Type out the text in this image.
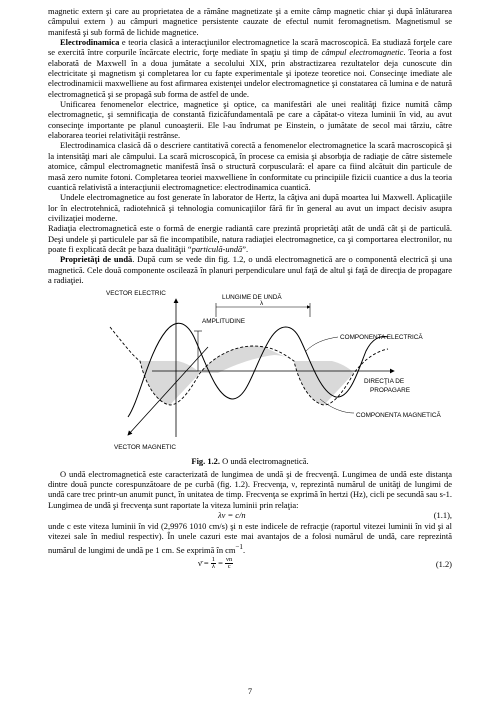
magnetic extern şi care au proprietatea de a rămâne magnetizate şi a emite câmp magnetic chiar şi după înlăturarea câmpului extern ) au câmpuri magnetice persistente cauzate de efectul numit feromagnetism. Magnetismul se manifestă şi sub formă de lichide magnetice.

Electrodinamica e teoria clasică a interacţiunilor electromagnetice la scară macroscopică. Ea studiază forţele care se exercită între corpurile încărcate electric, forţe mediate în spaţiu şi timp de câmpul electromagnetic. Teoria a fost elaborată de Maxwell în a doua jumătate a secolului XIX, prin abstractizarea rezultatelor deja cunoscute din electricitate şi magnetism şi completarea lor cu fapte experimentale şi ipoteze teoretice noi. Consecinţe imediate ale electrodinamicii maxwelliene au fost afirmarea existenţei undelor electromagnetice şi constatarea că lumina e de natură electromagnetică şi se propagă sub forma de astfel de unde.

Unificarea fenomenelor electrice, magnetice şi optice, ca manifestări ale unei realităţi fizice numită câmp electromagnetic, şi semnificaţia de constantă fizicăfundamentală pe care a căpătat-o viteza luminii în vid, au avut consecinţe importante pe planul cunoaşterii. Ele l-au îndrumat pe Einstein, o jumătate de secol mai târziu, către elaborarea teoriei relativităţii restrânse.

Electrodinamica clasică dă o descriere cantitativă corectă a fenomenelor electromagnetice la scară macroscopică şi la intensităţi mari ale câmpului. La scară microscopică, în procese ca emisia şi absorbţia de radiaţie de către sistemele atomice, câmpul electromagnetic manifestă însă o structură corpusculară: el apare ca fiind alcătuit din particule de masă zero numite fotoni. Completarea teoriei maxwelliene în conformitate cu principiile fizicii cuantice a dus la teoria cuantică relativistă a interacţiunii electromagnetice: electrodinamica cuantică.

Undele electromagnetice au fost generate în laborator de Hertz, la câţiva ani după moartea lui Maxwell. Aplicaţiile lor în electrotehnică, radiotehnică şi tehnologia comunicaţiilor fără fir în general au avut un impact decisiv asupra civilizaţiei moderne.

Radiaţia electromagnetică este o formă de energie radiantă care prezintă proprietăţi atât de undă cât şi de particulă. Deşi undele şi particulele par să fie incompatibile, natura radiaţiei electromagnetice, ca şi comportarea electronilor, nu poate fi explicată decât pe baza dualităţii “particulă-undă”.

Proprietăţi de undă. După cum se vede din fig. 1.2, o undă electromagnetică are o componentă electrică şi una magnetică. Cele două componente oscilează în planuri perpendiculare unul faţă de altul şi faţă de direcţia de propagare a radiaţiei.

VECTOR ELECTRIC
LUNGIME DE UNDĂ
λ
AMPLITUDINE
COMPONENTA ELECTRICĂ
DIRECŢIA DE
PROPAGARE
COMPONENTA MAGNETICĂ
VECTOR MAGNETIC

Fig. 1.2. O undă electromagnetică.

O undă electromagnetică este caracterizată de lungimea de undă şi de frecvenţă. Lungimea de undă este distanţa dintre două puncte corespunzătoare de pe curbă (fig. 1.2). Frecvenţa, ν, reprezintă numărul de unităţi de lungimi de undă care trec printr-un anumit punct, în unitatea de timp. Frecvenţa se exprimă în hertzi (Hz), cicli pe secundă sau s-1. Lungimea de undă şi frecvenţa sunt raportate la viteza luminii prin relaţia:

λν = c/n	(1.1),

unde c este viteza luminii în vid (2,9976 1010 cm/s) şi n este indicele de refracţie (raportul vitezei luminii în vid şi al vitezei sale în mediul respectiv). În unele cazuri este mai avantajos de a folosi numărul de undă, care reprezintă numărul de lungimi de undă pe 1 cm. Se exprimă în $cm^{-1}$.

ν̄ = $\frac{1}{\lambda} = \frac{\nu n}{c}$	(1.2)
7
